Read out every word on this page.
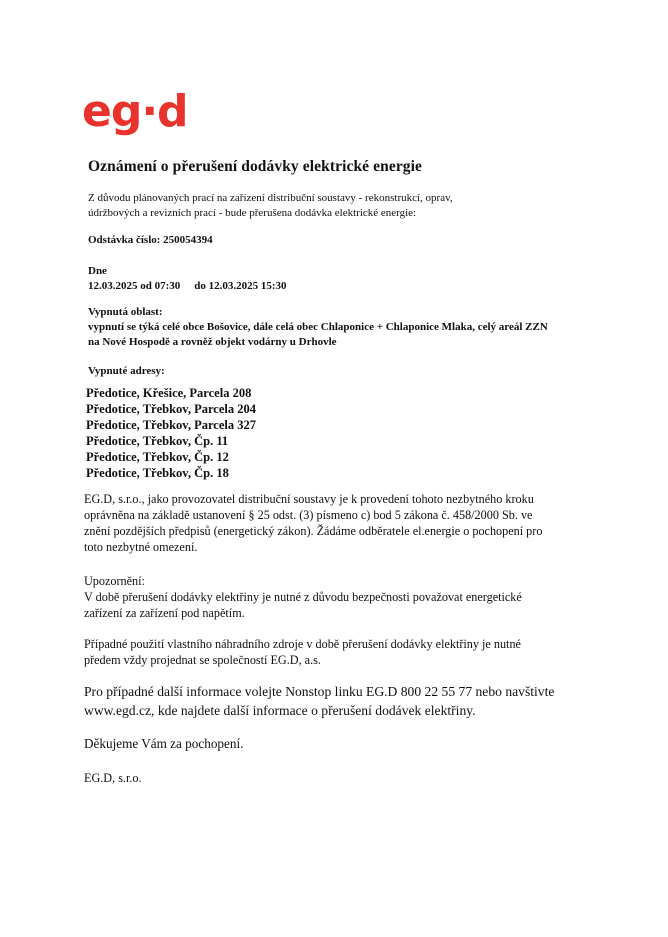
eg·d
Oznámení o přerušení dodávky elektrické energie
Z důvodu plánovaných prací na zařízení distribuční soustavy - rekonstrukcí, oprav,
údržbových a revizních prací - bude přerušena dodávka elektrické energie:
Odstávka číslo: 250054394
Dne
12.03.2025 od 07:30 do 12.03.2025 15:30
Vypnutá oblast:
vypnutí se týká celé obce Bošovice, dále celá obec Chlaponice + Chlaponice Mlaka, celý areál ZZN
na Nové Hospodě a rovněž objekt vodárny u Drhovle
Vypnuté adresy:
Předotice, Křešice, Parcela 208
Předotice, Třebkov, Parcela 204
Předotice, Třebkov, Parcela 327
Předotice, Třebkov, Čp. 11
Předotice, Třebkov, Čp. 12
Předotice, Třebkov, Čp. 18
EG.D, s.r.o., jako provozovatel distribuční soustavy je k provedení tohoto nezbytného kroku
oprávněna na základě ustanovení § 25 odst. (3) písmeno c) bod 5 zákona č. 458/2000 Sb. ve
znění pozdějších předpisů (energetický zákon). Žádáme odběratele el.energie o pochopení pro
toto nezbytné omezení.
Upozornění:
V době přerušení dodávky elektřiny je nutné z důvodu bezpečnosti považovat energetické
zařízení za zařízení pod napětím.
Případné použití vlastního náhradního zdroje v době přerušení dodávky elektřiny je nutné
předem vždy projednat se společností EG.D, a.s.
Pro případné další informace volejte Nonstop linku EG.D 800 22 55 77 nebo navštivte
www.egd.cz, kde najdete další informace o přerušení dodávek elektřiny.
Děkujeme Vám za pochopení.
EG.D, s.r.o.
